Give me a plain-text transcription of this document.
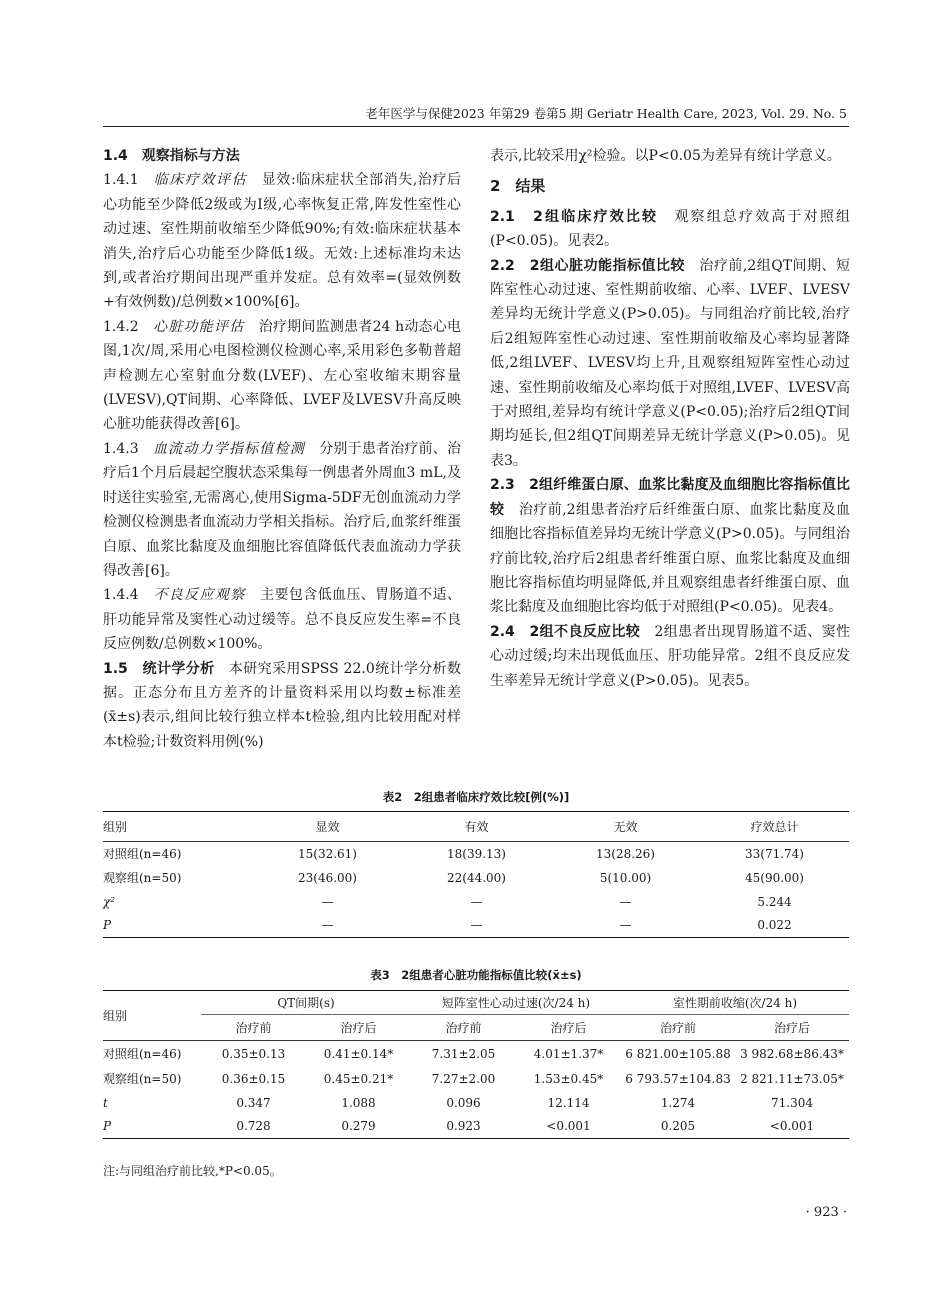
老年医学与保健2023 年第29 卷第5 期 Geriatr Health Care, 2023, Vol. 29. No. 5
1.4　观察指标与方法

1.4.1　 临床疗效评估　 显效:临床症状全部消失,治疗后心功能至少降低2级或为Ⅰ级,心率恢复正常,阵发性室性心动过速、室性期前收缩至少降低90%;有效:临床症状基本消失,治疗后心功能至少降低1级。无效:上述标准均未达到,或者治疗期间出现严重并发症。总有效率=(显效例数+有效例数)/总例数×100%[6]。

1.4.2　 心脏功能评估　 治疗期间监测患者24 h动态心电图,1次/周,采用心电图检测仪检测心率,采用彩色多勒普超声检测左心室射血分数(LVEF)、左心室收缩末期容量(LVESV),QT间期、心率降低、LVEF及LVESV升高反映心脏功能获得改善[6]。

1.4.3　 血流动力学指标值检测　 分别于患者治疗前、治疗后1个月后晨起空腹状态采集每一例患者外周血3 mL,及时送往实验室,无需离心,使用Sigma-5DF无创血流动力学检测仪检测患者血流动力学相关指标。治疗后,血浆纤维蛋白原、血浆比黏度及血细胞比容值降低代表血流动力学获得改善[6]。

1.4.4　 不良反应观察　 主要包含低血压、胃肠道不适、肝功能异常及窦性心动过缓等。总不良反应发生率=不良反应例数/总例数×100%。

1.5　 统计学分析　 本研究采用SPSS 22.0统计学分析数据。正态分布且方差齐的计量资料采用以均数±标准差(x̄±s)表示,组间比较行独立样本t检验,组内比较用配对样本t检验;计数资料用例(%)

表示,比较采用χ²检验。以P<0.05为差异有统计学意义。

2　结果

2.1　 2组临床疗效比较　 观察组总疗效高于对照组(P<0.05)。见表2。

2.2　 2组心脏功能指标值比较　 治疗前,2组QT间期、短阵室性心动过速、室性期前收缩、心率、LVEF、LVESV差异均无统计学意义(P>0.05)。与同组治疗前比较,治疗后2组短阵室性心动过速、室性期前收缩及心率均显著降低,2组LVEF、LVESV均上升,且观察组短阵室性心动过速、室性期前收缩及心率均低于对照组,LVEF、LVESV高于对照组,差异均有统计学意义(P<0.05);治疗后2组QT间期均延长,但2组QT间期差异无统计学意义(P>0.05)。见表3。

2.3　 2组纤维蛋白原、血浆比黏度及血细胞比容指标值比较　 治疗前,2组患者治疗后纤维蛋白原、血浆比黏度及血细胞比容指标值差异均无统计学意义(P>0.05)。与同组治疗前比较,治疗后2组患者纤维蛋白原、血浆比黏度及血细胞比容指标值均明显降低,并且观察组患者纤维蛋白原、血浆比黏度及血细胞比容均低于对照组(P<0.05)。见表4。

2.4　 2组不良反应比较　 2组患者出现胃肠道不适、窦性心动过缓;均未出现低血压、肝功能异常。2组不良反应发生率差异无统计学意义(P>0.05)。见表5。

表2　2组患者临床疗效比较[例(%)]
组别	显效	有效	无效	疗效总计
对照组(n=46)	15(32.61)	18(39.13)	13(28.26)	33(71.74)
观察组(n=50)	23(46.00)	22(44.00)	5(10.00)	45(90.00)
χ²	—	—	—	5.244
P	—	—	—	0.022
表3　2组患者心脏功能指标值比较(x̄±s)
组别	QT间期(s)		短阵室性心动过速(次/24 h)		室性期前收缩(次/24 h)	
	治疗前	治疗后	治疗前	治疗后	治疗前	治疗后
对照组(n=46)	0.35±0.13	0.41±0.14*	7.31±2.05	4.01±1.37*	6 821.00±105.88	3 982.68±86.43*
观察组(n=50)	0.36±0.15	0.45±0.21*	7.27±2.00	1.53±0.45*	6 793.57±104.83	2 821.11±73.05*
t	0.347	1.088	0.096	12.114	1.274	71.304
P	0.728	0.279	0.923	<0.001	0.205	<0.001
注:与同组治疗前比较,*P<0.05。
· 923 ·
